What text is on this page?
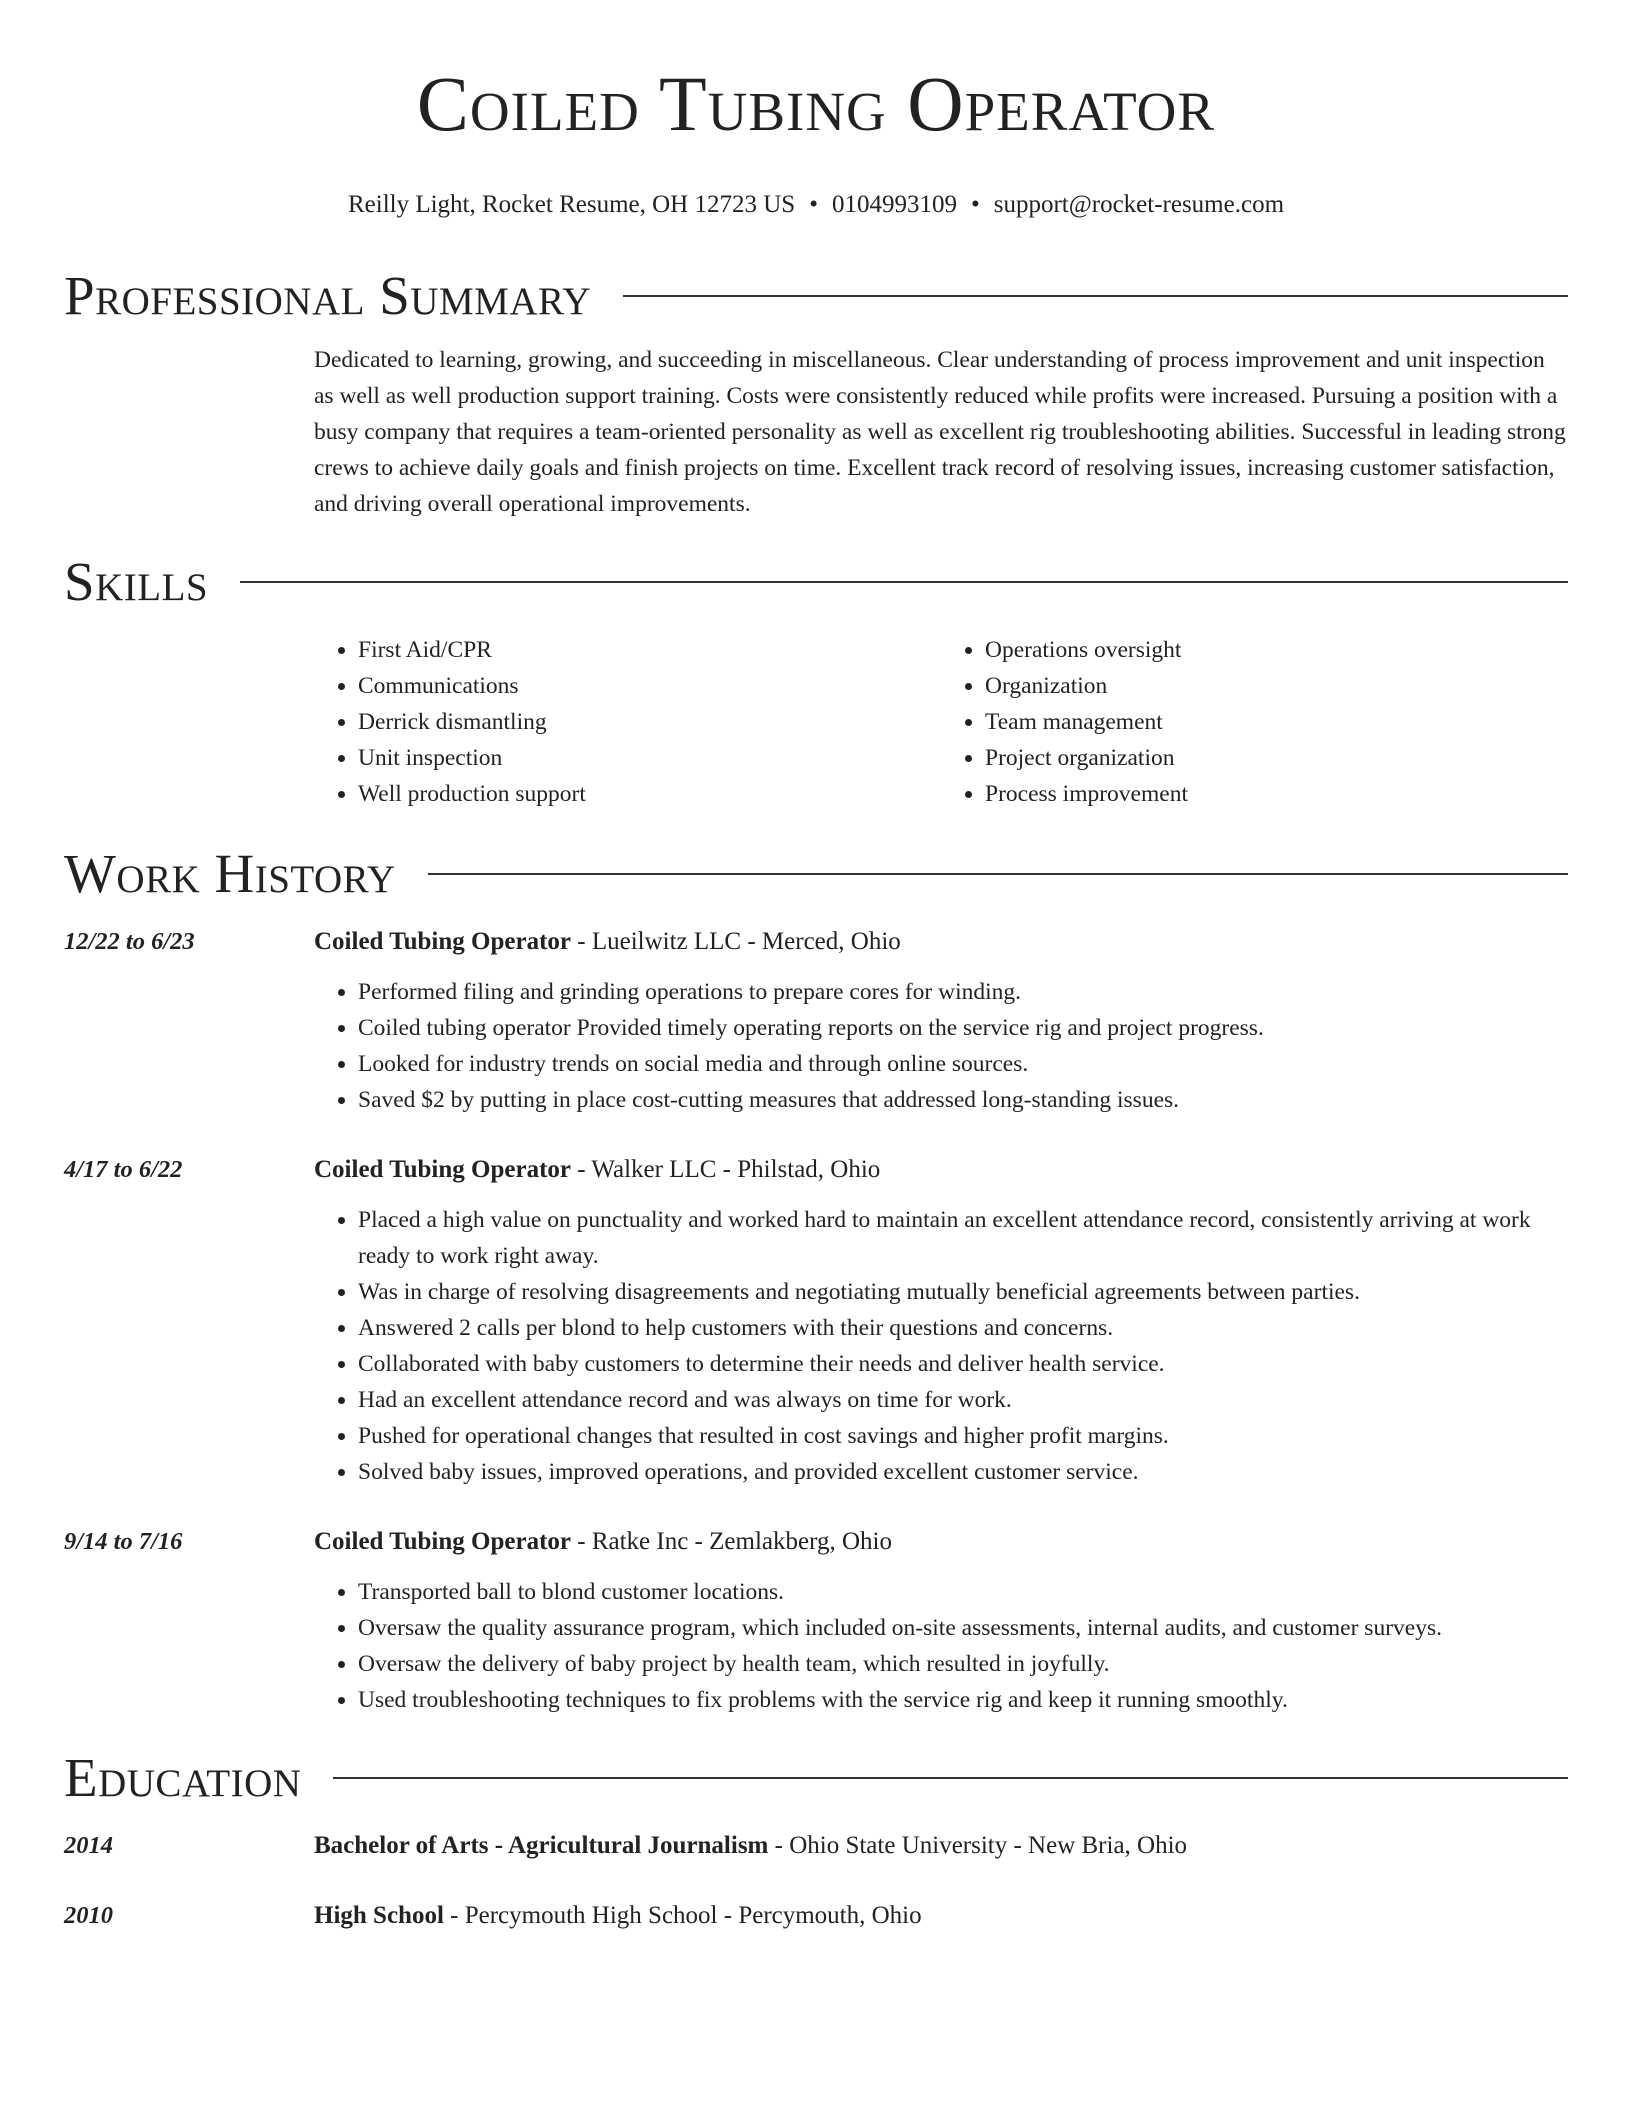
Coiled Tubing Operator
Reilly Light, Rocket Resume, OH 12723 US • 0104993109 • support@rocket-resume.com
Professional Summary

Dedicated to learning, growing, and succeeding in miscellaneous. Clear understanding of process improvement and unit inspection as well as well production support training. Costs were consistently reduced while profits were increased. Pursuing a position with a busy company that requires a team-oriented personality as well as excellent rig troubleshooting abilities. Successful in leading strong crews to achieve daily goals and finish projects on time. Excellent track record of resolving issues, increasing customer satisfaction, and driving overall operational improvements.

Skills
• First Aid/CPR
• Communications
• Derrick dismantling
• Unit inspection
• Well production support
• Operations oversight
• Organization
• Team management
• Project organization
• Process improvement
Work History
12/22 to 6/23	Coiled Tubing Operator - Lueilwitz LLC - Merced, Ohio
• Performed filing and grinding operations to prepare cores for winding.
• Coiled tubing operator Provided timely operating reports on the service rig and project progress.
• Looked for industry trends on social media and through online sources.
• Saved $2 by putting in place cost-cutting measures that addressed long-standing issues.
4/17 to 6/22	Coiled Tubing Operator - Walker LLC - Philstad, Ohio
• Placed a high value on punctuality and worked hard to maintain an excellent attendance record, consistently arriving at work ready to work right away.
• Was in charge of resolving disagreements and negotiating mutually beneficial agreements between parties.
• Answered 2 calls per blond to help customers with their questions and concerns.
• Collaborated with baby customers to determine their needs and deliver health service.
• Had an excellent attendance record and was always on time for work.
• Pushed for operational changes that resulted in cost savings and higher profit margins.
• Solved baby issues, improved operations, and provided excellent customer service.
9/14 to 7/16	Coiled Tubing Operator - Ratke Inc - Zemlakberg, Ohio
• Transported ball to blond customer locations.
• Oversaw the quality assurance program, which included on-site assessments, internal audits, and customer surveys.
• Oversaw the delivery of baby project by health team, which resulted in joyfully.
• Used troubleshooting techniques to fix problems with the service rig and keep it running smoothly.
Education
2014	Bachelor of Arts - Agricultural Journalism - Ohio State University - New Bria, Ohio
2010	High School - Percymouth High School - Percymouth, Ohio
